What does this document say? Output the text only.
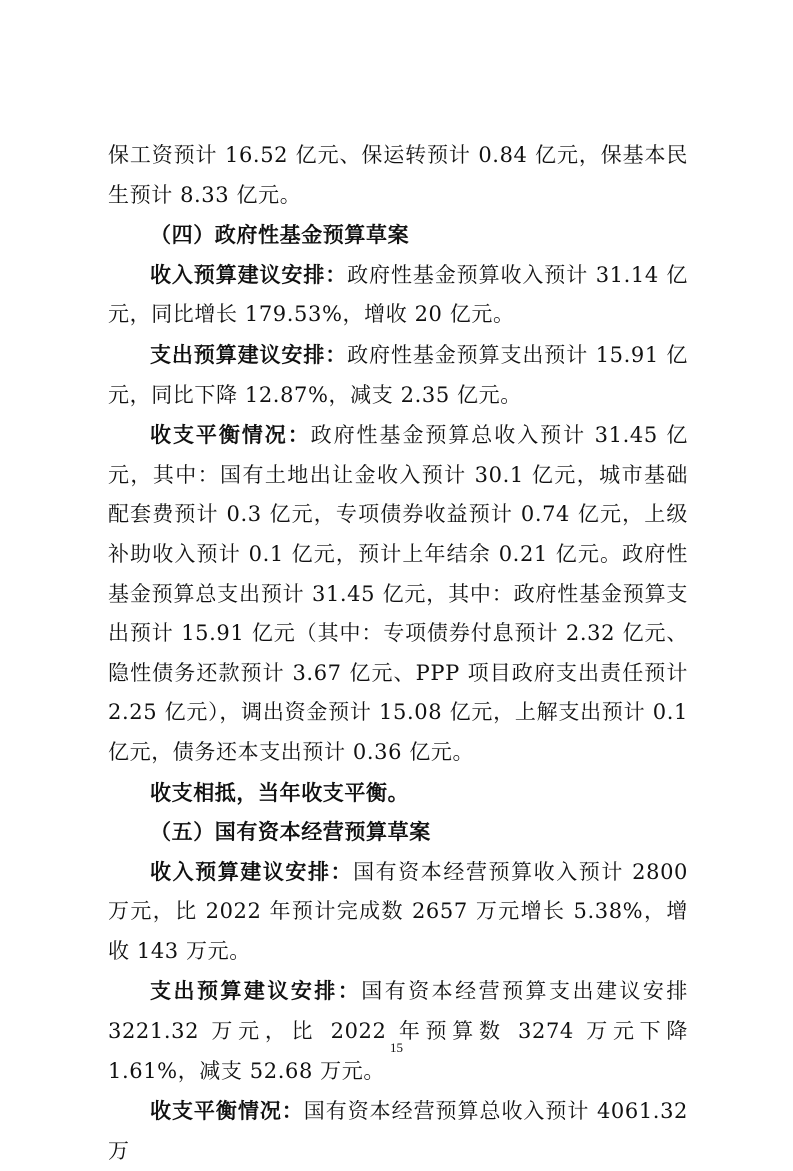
保工资预计 16.52 亿元、保运转预计 0.84 亿元，保基本民生预计 8.33 亿元。

（四）政府性基金预算草案

收入预算建议安排：政府性基金预算收入预计 31.14 亿元，同比增长 179.53%，增收 20 亿元。

支出预算建议安排：政府性基金预算支出预计 15.91 亿元，同比下降 12.87%，减支 2.35 亿元。

收支平衡情况：政府性基金预算总收入预计 31.45 亿元，其中：国有土地出让金收入预计 30.1 亿元，城市基础配套费预计 0.3 亿元，专项债券收益预计 0.74 亿元，上级补助收入预计 0.1 亿元，预计上年结余 0.21 亿元。政府性基金预算总支出预计 31.45 亿元，其中：政府性基金预算支出预计 15.91 亿元（其中：专项债券付息预计 2.32 亿元、隐性债务还款预计 3.67 亿元、PPP 项目政府支出责任预计 2.25 亿元），调出资金预计 15.08 亿元，上解支出预计 0.1 亿元，债务还本支出预计 0.36 亿元。

收支相抵，当年收支平衡。

（五）国有资本经营预算草案

收入预算建议安排：国有资本经营预算收入预计 2800 万元，比 2022 年预计完成数 2657 万元增长 5.38%，增收 143 万元。

支出预算建议安排：国有资本经营预算支出建议安排 3221.32 万元，比 2022 年预算数 3274 万元下降 1.61%，减支 52.68 万元。

收支平衡情况：国有资本经营预算总收入预计 4061.32 万

15
